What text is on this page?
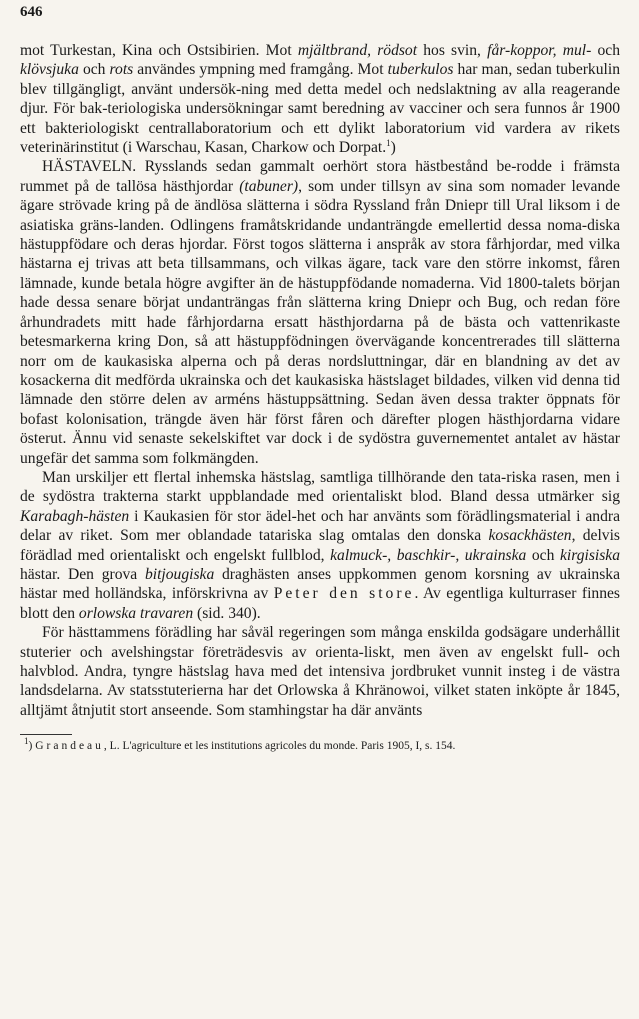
646

mot Turkestan, Kina och Ostsibirien. Mot mjältbrand, rödsot hos svin, får-koppor, mul- och klövsjuka och rots användes ympning med framgång. Mot tuberkulos har man, sedan tuberkulin blev tillgängligt, använt undersök-ning med detta medel och nedslaktning av alla reagerande djur. För bak-teriologiska undersökningar samt beredning av vacciner och sera funnos år 1900 ett bakteriologiskt centrallaboratorium och ett dylikt laboratorium vid vardera av rikets veterinärinstitut (i Warschau, Kasan, Charkow och Dorpat.$^1$)

HÄSTAVELN. Rysslands sedan gammalt oerhört stora hästbestånd be-rodde i främsta rummet på de tallösa hästhjordar (tabuner), som under tillsyn av sina som nomader levande ägare strövade kring på de ändlösa slätterna i södra Ryssland från Dniepr till Ural liksom i de asiatiska gräns-landen. Odlingens framåtskridande undanträngde emellertid dessa noma-diska hästuppfödare och deras hjordar. Först togos slätterna i anspråk av stora fårhjordar, med vilka hästarna ej trivas att beta tillsammans, och vilkas ägare, tack vare den större inkomst, fåren lämnade, kunde betala högre avgifter än de hästuppfödande nomaderna. Vid 1800-talets början hade dessa senare börjat undanträngas från slätterna kring Dniepr och Bug, och redan före århundradets mitt hade fårhjordarna ersatt hästhjordarna på de bästa och vattenrikaste betesmarkerna kring Don, så att hästuppfödningen övervägande koncentrerades till slätterna norr om de kaukasiska alperna och på deras nordsluttningar, där en blandning av det av kosackerna dit medförda ukrainska och det kaukasiska hästslaget bildades, vilken vid denna tid lämnade den större delen av arméns hästuppsättning. Sedan även dessa trakter öppnats för bofast kolonisation, trängde även här först fåren och därefter plogen hästhjordarna vidare österut. Ännu vid senaste sekelskiftet var dock i de sydöstra guvernementet antalet av hästar ungefär det samma som folkmängden.

Man urskiljer ett flertal inhemska hästslag, samtliga tillhörande den tata-riska rasen, men i de sydöstra trakterna starkt uppblandade med orientaliskt blod. Bland dessa utmärker sig Karabagh-hästen i Kaukasien för stor ädel-het och har använts som förädlingsmaterial i andra delar av riket. Som mer oblandade tatariska slag omtalas den donska kosackhästen, delvis förädlad med orientaliskt och engelskt fullblod, kalmuck-, baschkir-, ukrainska och kirgisiska hästar. Den grova bitjougiska draghästen anses uppkommen genom korsning av ukrainska hästar med holländska, införskrivna av Peter den store. Av egentliga kulturraser finnes blott den orlowska travaren (sid. 340).

För hästtammens förädling har såväl regeringen som många enskilda godsägare underhållit stuterier och avelshingstar företrädesvis av orienta-liskt, men även av engelskt full- och halvblod. Andra, tyngre hästslag hava med det intensiva jordbruket vunnit insteg i de västra landsdelarna. Av statsstuterierna har det Orlowska å Khränowoi, vilket staten inköpte år 1845, alltjämt åtnjutit stort anseende. Som stamhingstar ha där använts

$^1$) Grandeau, L. L'agriculture et les institutions agricoles du monde. Paris 1905, I, s. 154.
